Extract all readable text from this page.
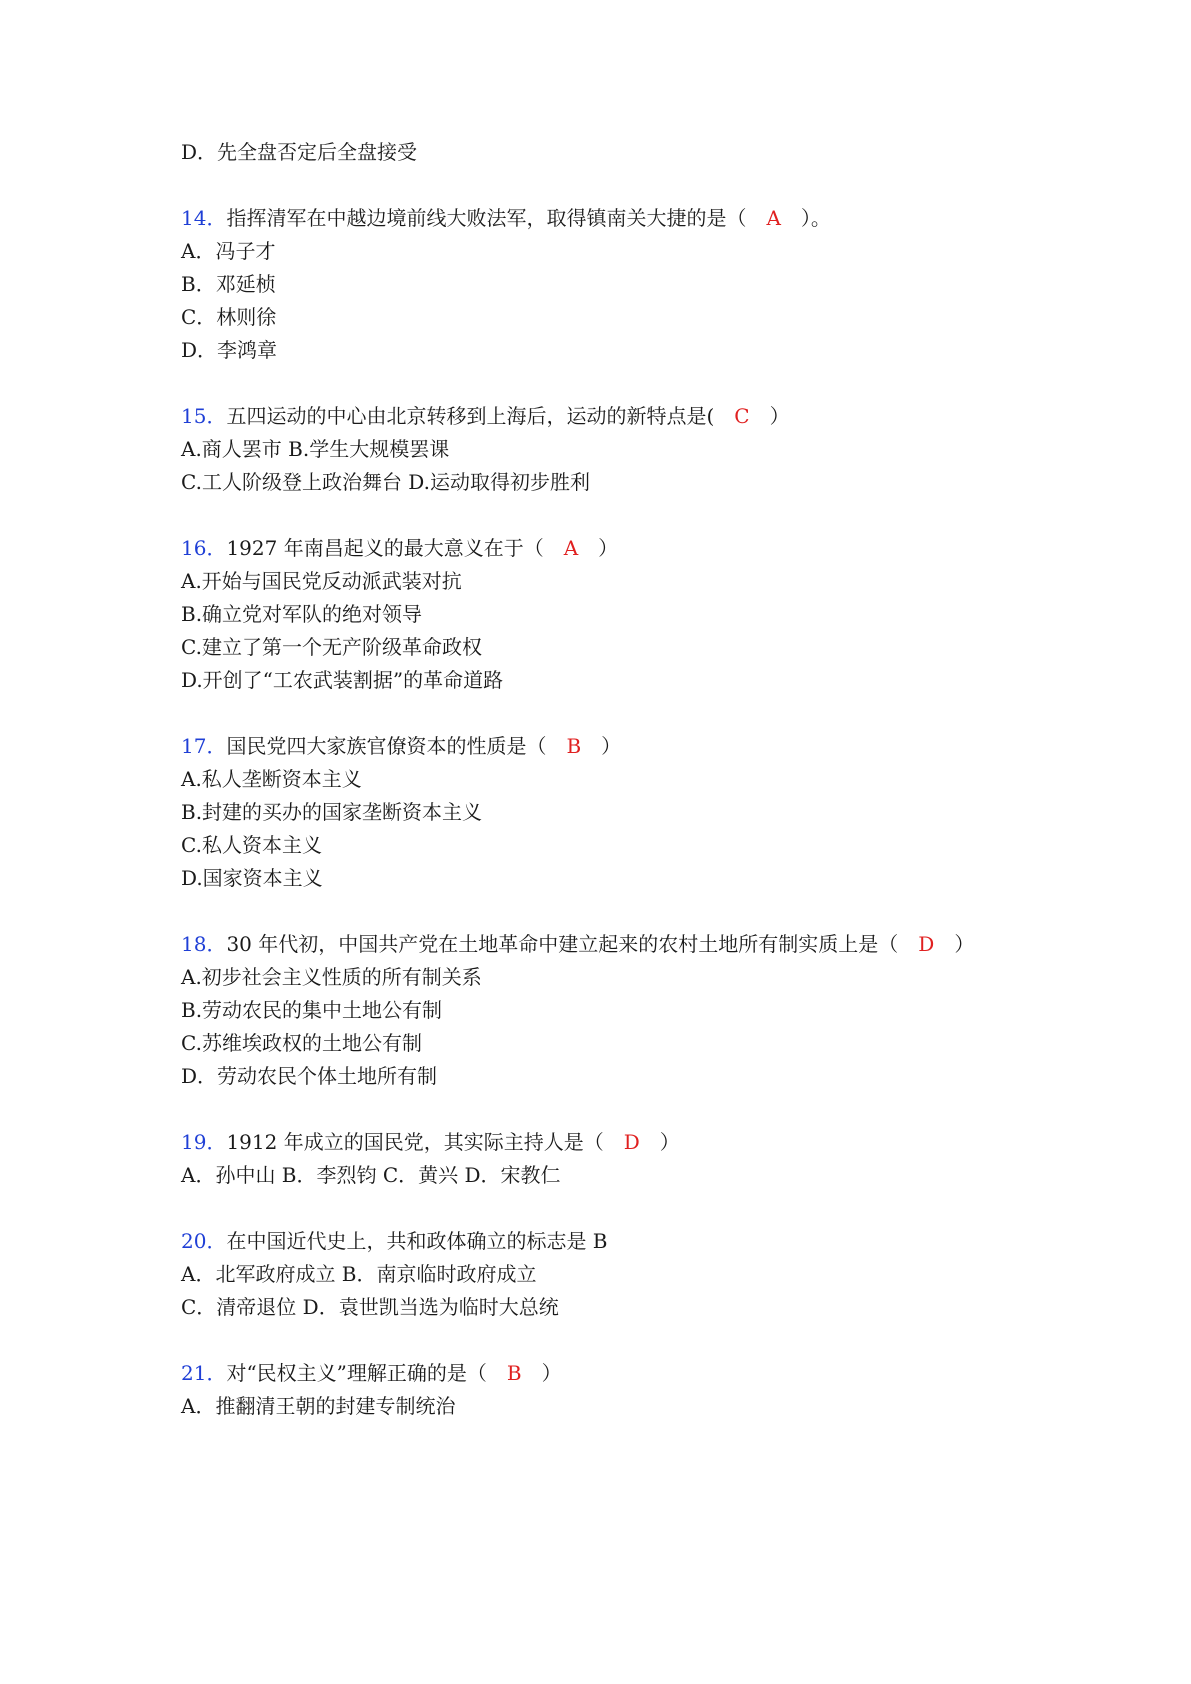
D．先全盘否定后全盘接受
14．指挥清军在中越边境前线大败法军，取得镇南关大捷的是（ A ）。
A．冯子才
B．邓延桢
C．林则徐
D．李鸿章
15．五四运动的中心由北京转移到上海后，运动的新特点是( C ）
A.商人罢市 B.学生大规模罢课
C.工人阶级登上政治舞台 D.运动取得初步胜利
16．1927 年南昌起义的最大意义在于（ A ）
A.开始与国民党反动派武装对抗
B.确立党对军队的绝对领导
C.建立了第一个无产阶级革命政权
D.开创了“工农武装割据”的革命道路
17．国民党四大家族官僚资本的性质是（ B ）
A.私人垄断资本主义
B.封建的买办的国家垄断资本主义
C.私人资本主义
D.国家资本主义
18．30 年代初，中国共产党在土地革命中建立起来的农村土地所有制实质上是（ D ）
A.初步社会主义性质的所有制关系
B.劳动农民的集中土地公有制
C.苏维埃政权的土地公有制
D．劳动农民个体土地所有制
19．1912 年成立的国民党，其实际主持人是（ D ）
A．孙中山 B．李烈钧 C．黄兴 D．宋教仁
20．在中国近代史上，共和政体确立的标志是 B
A．北军政府成立 B．南京临时政府成立
C．清帝退位 D．袁世凯当选为临时大总统
21．对“民权主义”理解正确的是（ B ）
A．推翻清王朝的封建专制统治
